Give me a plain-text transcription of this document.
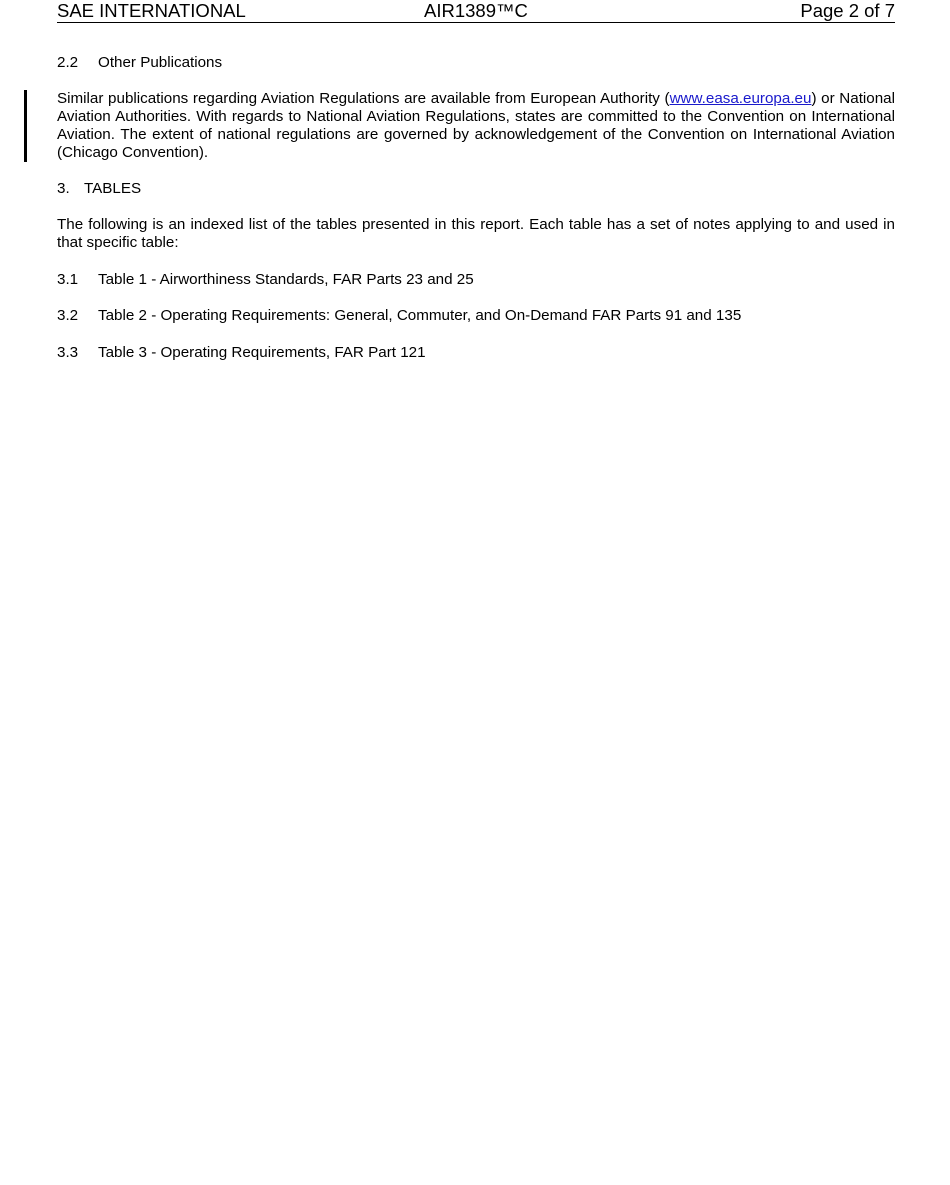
SAE INTERNATIONAL	AIR1389™C	Page 2 of 7
2.2 Other Publications
Similar publications regarding Aviation Regulations are available from European Authority (www.easa.europa.eu) or National Aviation Authorities. With regards to National Aviation Regulations, states are committed to the Convention on International Aviation. The extent of national regulations are governed by acknowledgement of the Convention on International Aviation (Chicago Convention).
3. TABLES
The following is an indexed list of the tables presented in this report. Each table has a set of notes applying to and used in that specific table:
3.1 Table 1 - Airworthiness Standards, FAR Parts 23 and 25
3.2 Table 2 - Operating Requirements: General, Commuter, and On-Demand FAR Parts 91 and 135
3.3 Table 3 - Operating Requirements, FAR Part 121
